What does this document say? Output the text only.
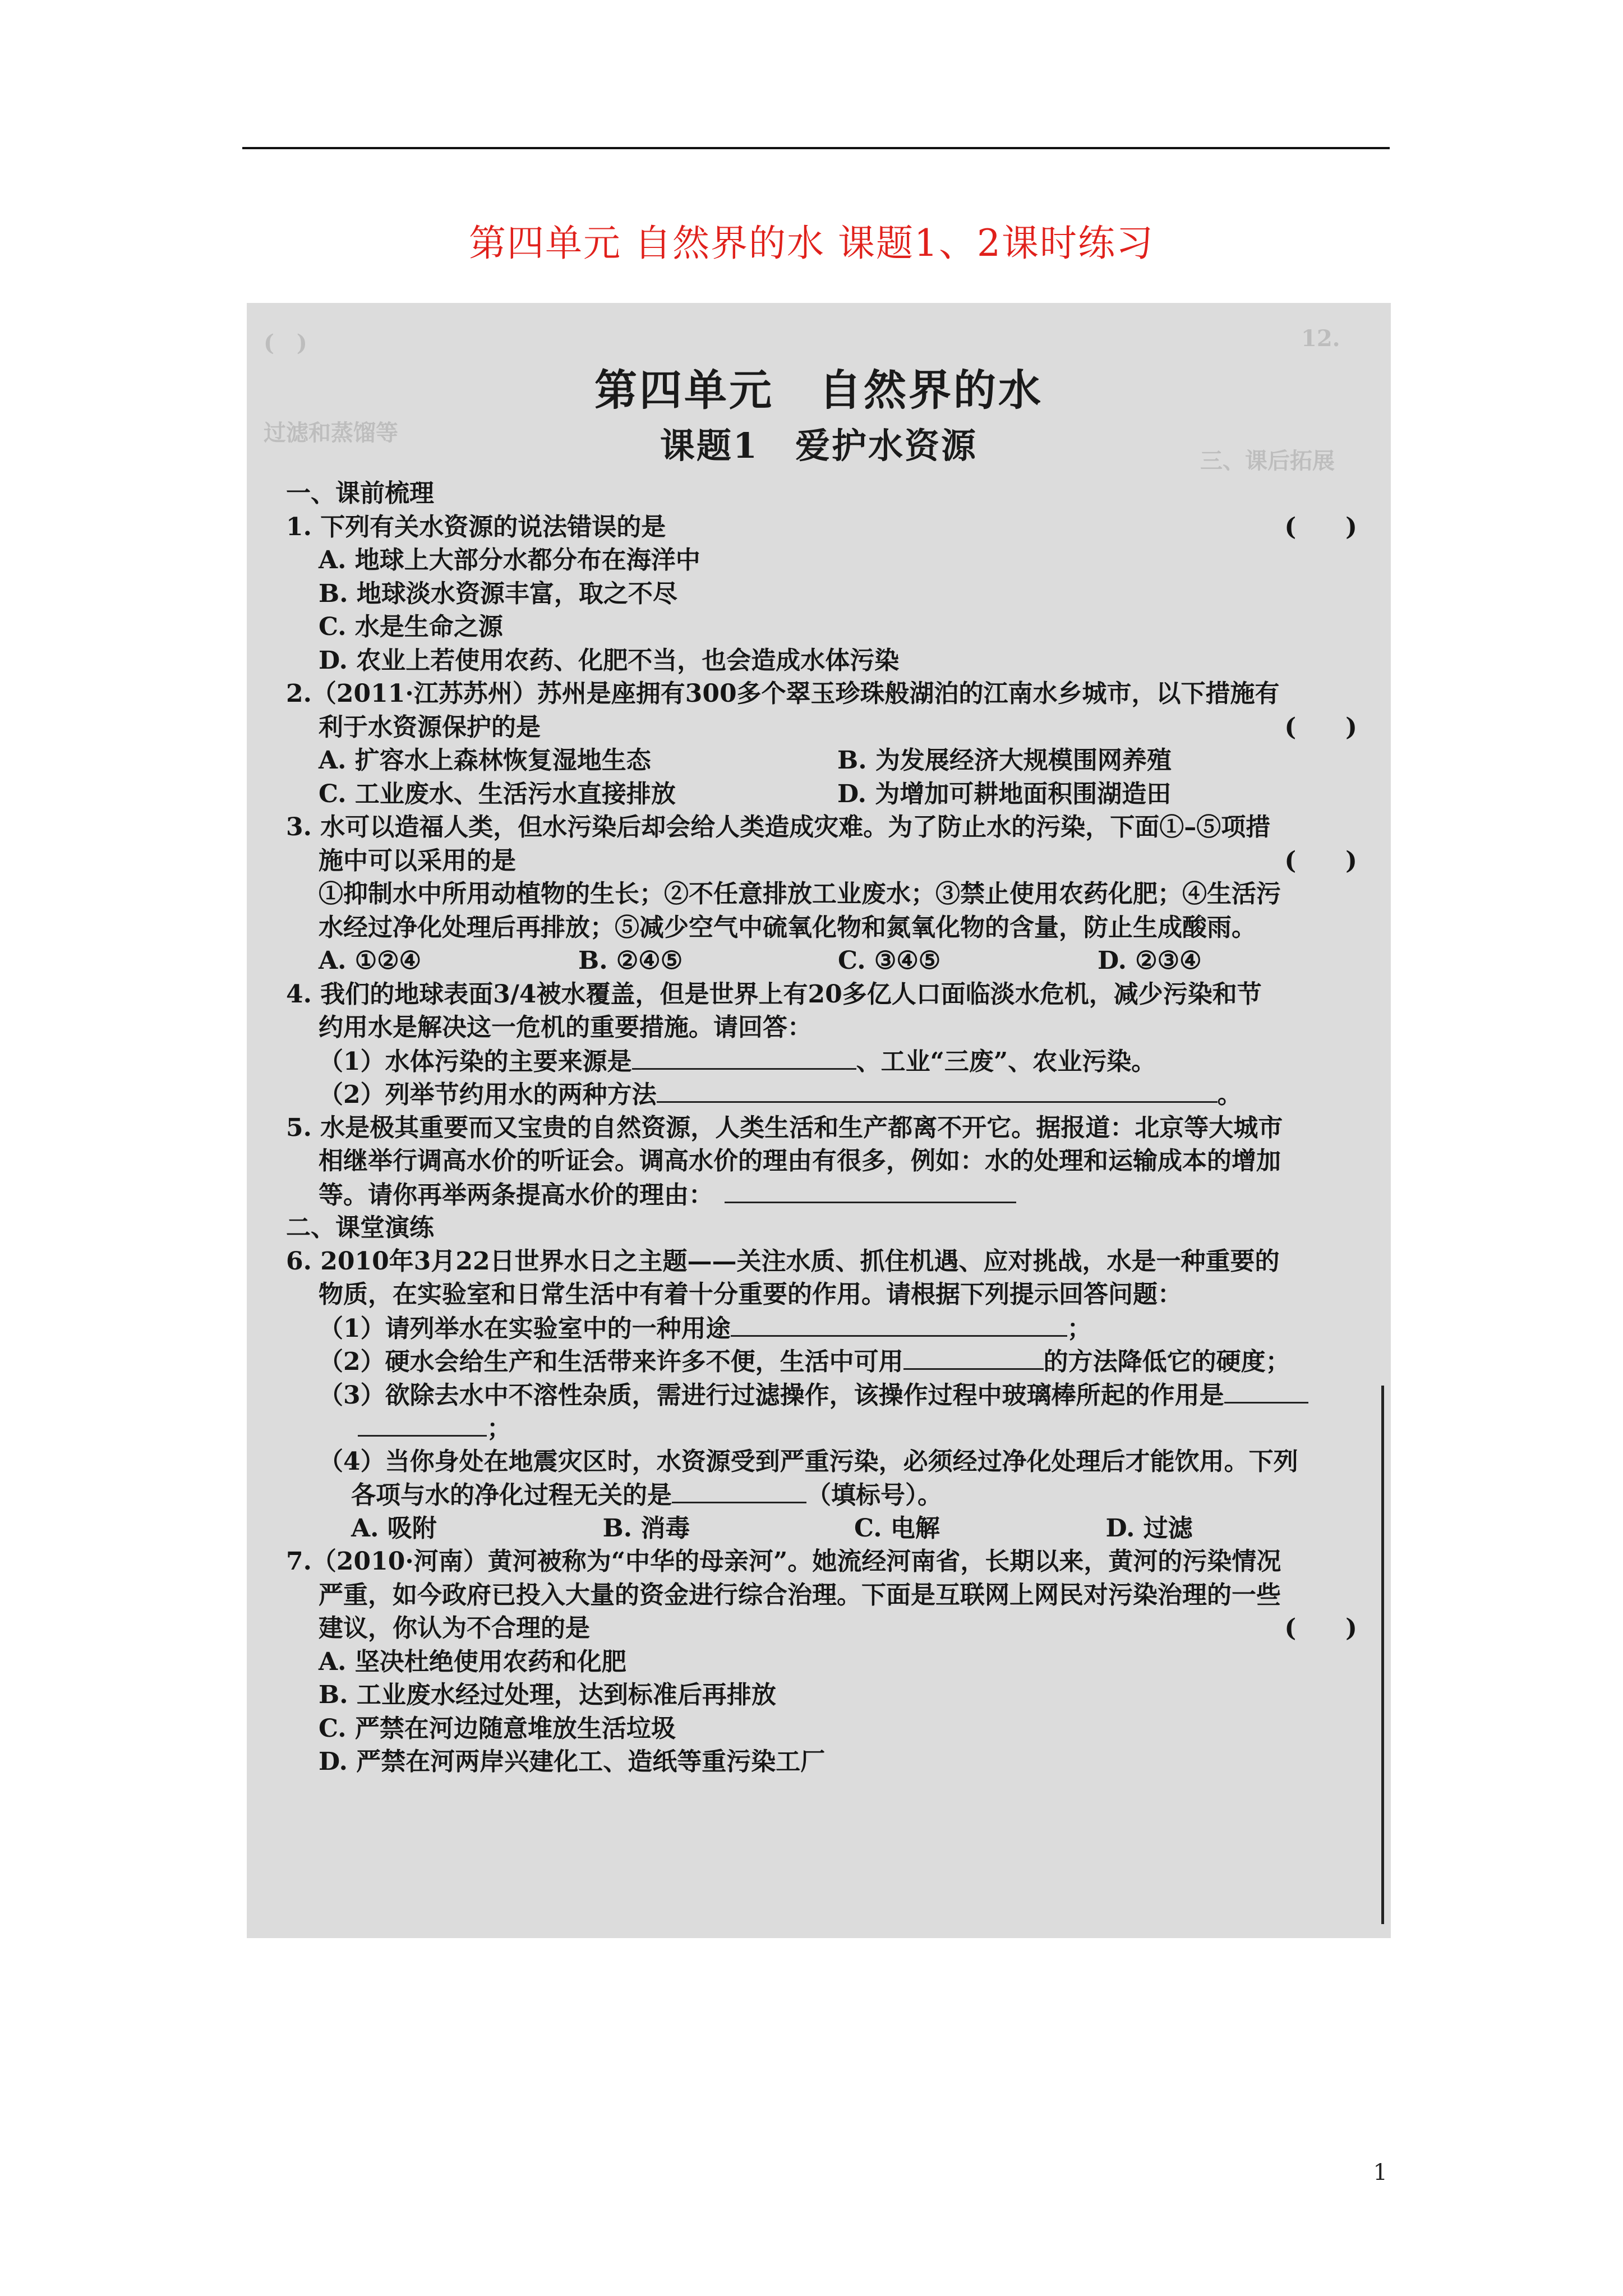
第四单元 自然界的水 课题1、2课时练习
(　)	12.
过滤和蒸馏等
三、课后拓展
第四单元　自然界的水
课题1　爱护水资源
一、课前梳理
1. 下列有关水资源的说法错误的是	(　　)
A. 地球上大部分水都分布在海洋中
B. 地球淡水资源丰富，取之不尽
C. 水是生命之源
D. 农业上若使用农药、化肥不当，也会造成水体污染
2.（2011·江苏苏州）苏州是座拥有300多个翠玉珍珠般湖泊的江南水乡城市，以下措施有
利于水资源保护的是	(　　)
A. 扩容水上森林恢复湿地生态	B. 为发展经济大规模围网养殖
C. 工业废水、生活污水直接排放	D. 为增加可耕地面积围湖造田
3. 水可以造福人类，但水污染后却会给人类造成灾难。为了防止水的污染，下面①–⑤项措
施中可以采用的是	(　　)
①抑制水中所用动植物的生长；②不任意排放工业废水；③禁止使用农药化肥；④生活污
水经过净化处理后再排放；⑤减少空气中硫氧化物和氮氧化物的含量，防止生成酸雨。
A. ①②④	B. ②④⑤	C. ③④⑤	D. ②③④
4. 我们的地球表面3/4被水覆盖，但是世界上有20多亿人口面临淡水危机，减少污染和节
约用水是解决这一危机的重要措施。请回答：
（1）水体污染的主要来源是	、工业“三废”、农业污染。
（2）列举节约用水的两种方法	。
5. 水是极其重要而又宝贵的自然资源，人类生活和生产都离不开它。据报道：北京等大城市
相继举行调高水价的听证会。调高水价的理由有很多，例如：水的处理和运输成本的增加
等。请你再举两条提高水价的理由：
二、课堂演练
6. 2010年3月22日世界水日之主题——关注水质、抓住机遇、应对挑战，水是一种重要的
物质，在实验室和日常生活中有着十分重要的作用。请根据下列提示回答问题：
（1）请列举水在实验室中的一种用途	；
（2）硬水会给生产和生活带来许多不便，生活中可用	的方法降低它的硬度；
（3）欲除去水中不溶性杂质，需进行过滤操作，该操作过程中玻璃棒所起的作用是
；
（4）当你身处在地震灾区时，水资源受到严重污染，必须经过净化处理后才能饮用。下列
各项与水的净化过程无关的是	（填标号）。
A. 吸附	B. 消毒	C. 电解	D. 过滤
7.（2010·河南）黄河被称为“中华的母亲河”。她流经河南省，长期以来，黄河的污染情况
严重，如今政府已投入大量的资金进行综合治理。下面是互联网上网民对污染治理的一些
建议，你认为不合理的是	(　　)
A. 坚决杜绝使用农药和化肥
B. 工业废水经过处理，达到标准后再排放
C. 严禁在河边随意堆放生活垃圾
D. 严禁在河两岸兴建化工、造纸等重污染工厂
1
